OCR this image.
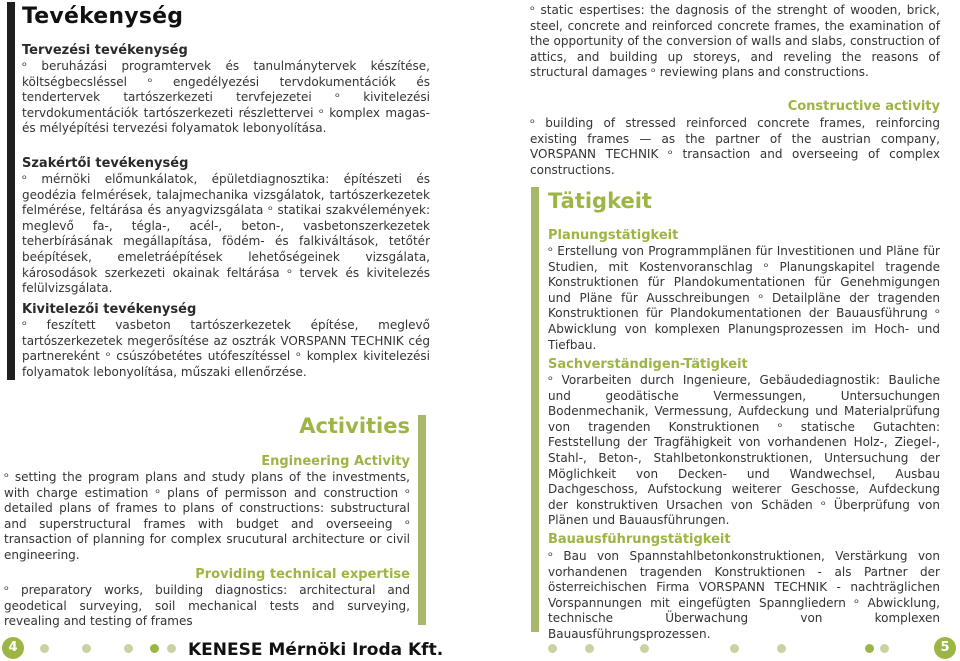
Tevékenység
Tervezési tevékenység
ᵒ beruházási programtervek és tanulmánytervek készítése, költségbecsléssel ᵒ engedélyezési tervdokumentációk és tendertervek tartószerkezeti tervfejezetei ᵒ kivitelezési tervdokumentációk tartószerkezeti részlettervei ᵒ komplex magas- és mélyépítési tervezési folyamatok lebonyolítása.
Szakértői tevékenység
ᵒ mérnöki előmunkálatok, épületdiagnosztika: építészeti és geodézia felmérések, talajmechanika vizsgálatok, tartószerkezetek felmérése, feltárása és anyagvizsgálata ᵒ statikai szakvélemények: meglevő fa-, tégla-, acél-, beton-, vasbetonszerkezetek teherbírásának megállapítása, födém- és falkiváltások, tetőtér beépítések, emeletráépítések lehetőségeinek vizsgálata, károsodások szerkezeti okainak feltárása ᵒ tervek és kivitelezés felülvizsgálata.
Kivitelezői tevékenység
ᵒ feszített vasbeton tartószerkezetek építése, meglevő tartószerkezetek megerősítése az osztrák VORSPANN TECHNIK cég partnereként ᵒ csúszóbetétes utófeszítéssel ᵒ komplex kivitelezési folyamatok lebonyolítása, műszaki ellenőrzése.
Activities
Engineering Activity
ᵒ setting the program plans and study plans of the investments, with charge estimation ᵒ plans of permisson and construction ᵒ detailed plans of frames to plans of constructions: substructural and superstructural frames with budget and overseeing ᵒ transaction of planning for complex srucutural architecture or civil engineering.
Providing technical expertise
ᵒ preparatory works, building diagnostics: architectural and geodetical surveying, soil mechanical tests and surveying, revealing and testing of frames
4	KENESE Mérnöki Iroda Kft.
ᵒ static espertises: the dagnosis of the strenght of wooden, brick, steel, concrete and reinforced concrete frames, the examination of the opportunity of the conversion of walls and slabs, construction of attics, and building up storeys, and reveling the reasons of structural damages ᵒ reviewing plans and constructions.
Constructive activity
ᵒ building of stressed reinforced concrete frames, reinforcing existing frames — as the partner of the austrian company, VORSPANN TECHNIK ᵒ transaction and overseeing of complex constructions.
Tätigkeit
Planungstätigkeit
ᵒ Erstellung von Programmplänen für Investitionen und Pläne für Studien, mit Kostenvoranschlag ᵒ Planungskapitel tragende Konstruktionen für Plandokumentationen für Genehmigungen und Pläne für Ausschreibungen ᵒ Detailpläne der tragenden Konstruktionen für Plandokumentationen der Bauausführung ᵒ Abwicklung von komplexen Planungsprozessen im Hoch- und Tiefbau.
Sachverständigen-Tätigkeit
ᵒ Vorarbeiten durch Ingenieure, Gebäudediagnostik: Bauliche und geodätische Vermessungen, Untersuchungen Bodenmechanik, Vermessung, Aufdeckung und Materialprüfung von tragenden Konstruktionen ᵒ statische Gutachten: Feststellung der Tragfähigkeit von vorhandenen Holz-, Ziegel-, Stahl-, Beton-, Stahlbetonkonstruktionen, Untersuchung der Möglichkeit von Decken- und Wandwechsel, Ausbau Dachgeschoss, Aufstockung weiterer Geschosse, Aufdeckung der konstruktiven Ursachen von Schäden ᵒ Überprüfung von Plänen und Bauausführungen.
Bauausführungstätigkeit
ᵒ Bau von Spannstahlbetonkonstruktionen, Verstärkung von vorhandenen tragenden Konstruktionen - als Partner der österreichischen Firma VORSPANN TECHNIK - nachträglichen Vorspannungen mit eingefügten Spanngliedern ᵒ Abwicklung, technische Überwachung von komplexen Bauausführungsprozessen.
5
